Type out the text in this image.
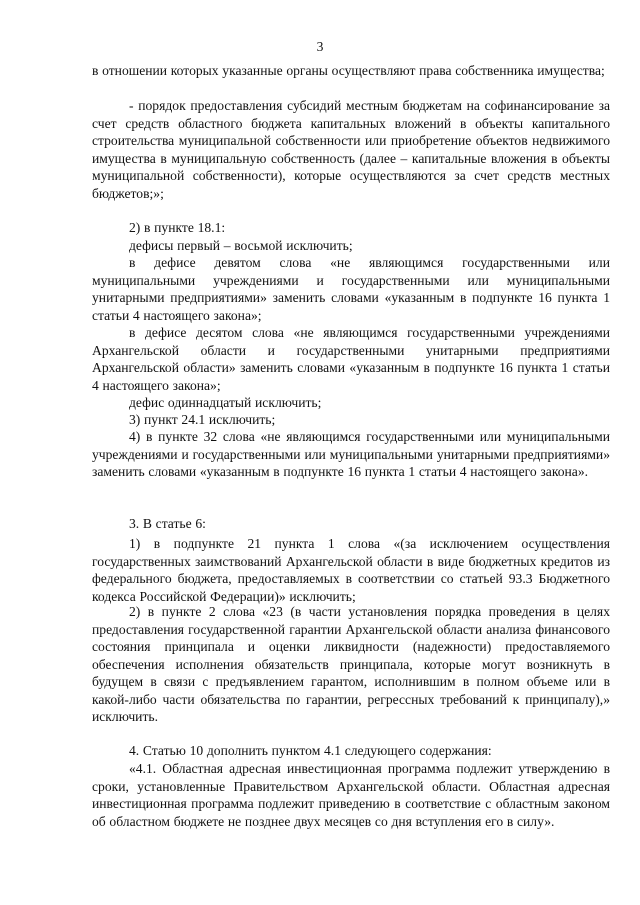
3
в отношении которых указанные органы осуществляют права собственника имущества;
- порядок предоставления субсидий местным бюджетам на софинансирование за счет средств областного бюджета капитальных вложений в объекты капитального строительства муниципальной собственности или приобретение объектов недвижимого имущества в муниципальную собственность (далее – капитальные вложения в объекты муниципальной собственности), которые осуществляются за счет средств местных бюджетов;»;
2) в пункте 18.1:
дефисы первый – восьмой исключить;
в дефисе девятом слова «не являющимся государственными или муниципальными учреждениями и государственными или муниципальными унитарными предприятиями» заменить словами «указанным в подпункте 16 пункта 1 статьи 4 настоящего закона»;
в дефисе десятом слова «не являющимся государственными учреждениями Архангельской области и государственными унитарными предприятиями Архангельской области» заменить словами «указанным в подпункте 16 пункта 1 статьи 4 настоящего закона»;
дефис одиннадцатый исключить;
3) пункт 24.1 исключить;
4) в пункте 32 слова «не являющимся государственными или муниципальными учреждениями и государственными или муниципальными унитарными предприятиями» заменить словами «указанным в подпункте 16 пункта 1 статьи 4 настоящего закона».
3. В статье 6:
1) в подпункте 21 пункта 1 слова «(за исключением осуществления государственных заимствований Архангельской области в виде бюджетных кредитов из федерального бюджета, предоставляемых в соответствии со статьей 93.3 Бюджетного кодекса Российской Федерации)» исключить;
2) в пункте 2 слова «23 (в части установления порядка проведения в целях предоставления государственной гарантии Архангельской области анализа финансового состояния принципала и оценки ликвидности (надежности) предоставляемого обеспечения исполнения обязательств принципала, которые могут возникнуть в будущем в связи с предъявлением гарантом, исполнившим в полном объеме или в какой-либо части обязательства по гарантии, регрессных требований к принципалу),» исключить.
4. Статью 10 дополнить пунктом 4.1 следующего содержания:
«4.1. Областная адресная инвестиционная программа подлежит утверждению в сроки, установленные Правительством Архангельской области. Областная адресная инвестиционная программа подлежит приведению в соответствие с областным законом об областном бюджете не позднее двух месяцев со дня вступления его в силу».
